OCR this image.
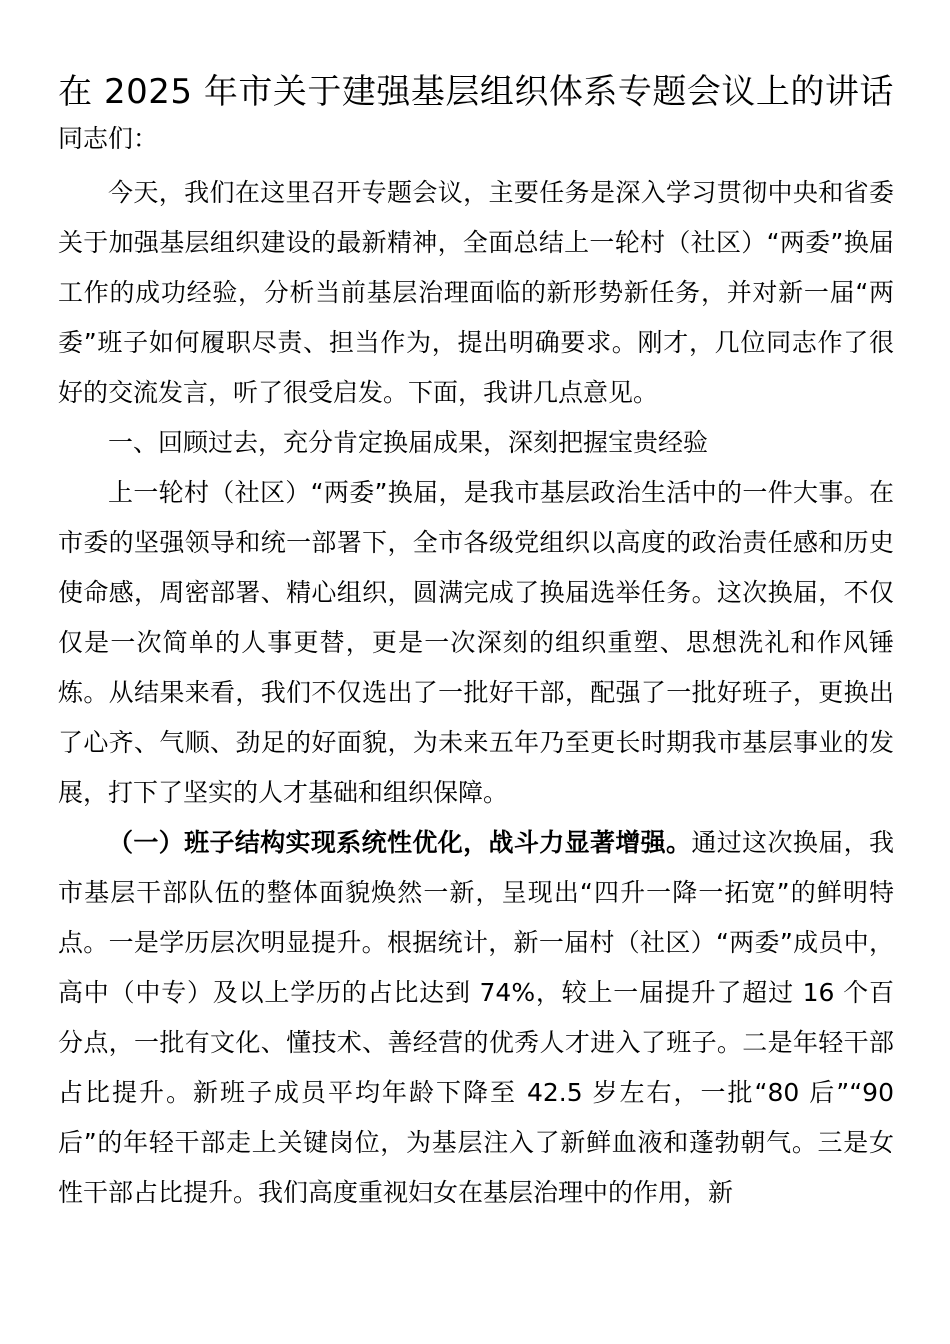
在 2025 年市关于建强基层组织体系专题会议上的讲话

同志们：

今天，我们在这里召开专题会议，主要任务是深入学习贯彻中央和省委关于加强基层组织建设的最新精神，全面总结上一轮村（社区）“两委”换届工作的成功经验，分析当前基层治理面临的新形势新任务，并对新一届“两委”班子如何履职尽责、担当作为，提出明确要求。刚才，几位同志作了很好的交流发言，听了很受启发。下面，我讲几点意见。

一、回顾过去，充分肯定换届成果，深刻把握宝贵经验

上一轮村（社区）“两委”换届，是我市基层政治生活中的一件大事。在市委的坚强领导和统一部署下，全市各级党组织以高度的政治责任感和历史使命感，周密部署、精心组织，圆满完成了换届选举任务。这次换届，不仅仅是一次简单的人事更替，更是一次深刻的组织重塑、思想洗礼和作风锤炼。从结果来看，我们不仅选出了一批好干部，配强了一批好班子，更换出了心齐、气顺、劲足的好面貌，为未来五年乃至更长时期我市基层事业的发展，打下了坚实的人才基础和组织保障。

（一）班子结构实现系统性优化，战斗力显著增强。通过这次换届，我市基层干部队伍的整体面貌焕然一新，呈现出“四升一降一拓宽”的鲜明特点。一是学历层次明显提升。根据统计，新一届村（社区）“两委”成员中，高中（中专）及以上学历的占比达到 74%，较上一届提升了超过 16 个百分点，一批有文化、懂技术、善经营的优秀人才进入了班子。二是年轻干部占比提升。新班子成员平均年龄下降至 42.5 岁左右，一批“80 后”“90 后”的年轻干部走上关键岗位，为基层注入了新鲜血液和蓬勃朝气。三是女性干部占比提升。我们高度重视妇女在基层治理中的作用，新
